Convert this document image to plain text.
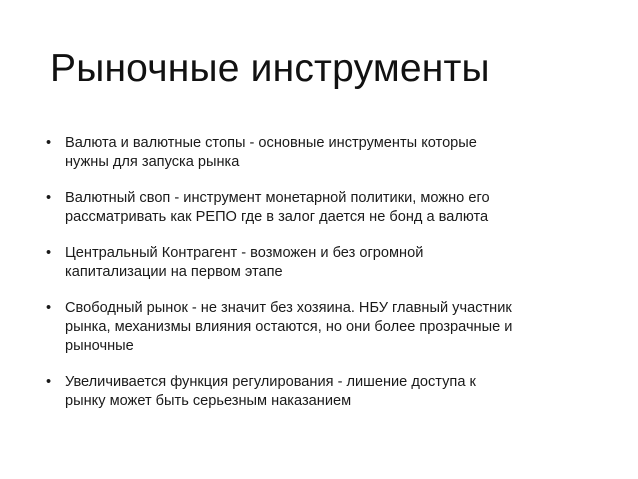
Рыночные инструменты
• Валюта и валютные стопы - основные инструменты которые
нужны для запуска рынка
• Валютный своп - инструмент монетарной политики, можно его
рассматривать как РЕПО где в залог дается не бонд а валюта
• Центральный Контрагент - возможен и без огромной
капитализации на первом этапе
• Свободный рынок - не значит без хозяина. НБУ главный участник
рынка, механизмы влияния остаются, но они более прозрачные и
рыночные
• Увеличивается функция регулирования - лишение доступа к
рынку может быть серьезным наказанием
